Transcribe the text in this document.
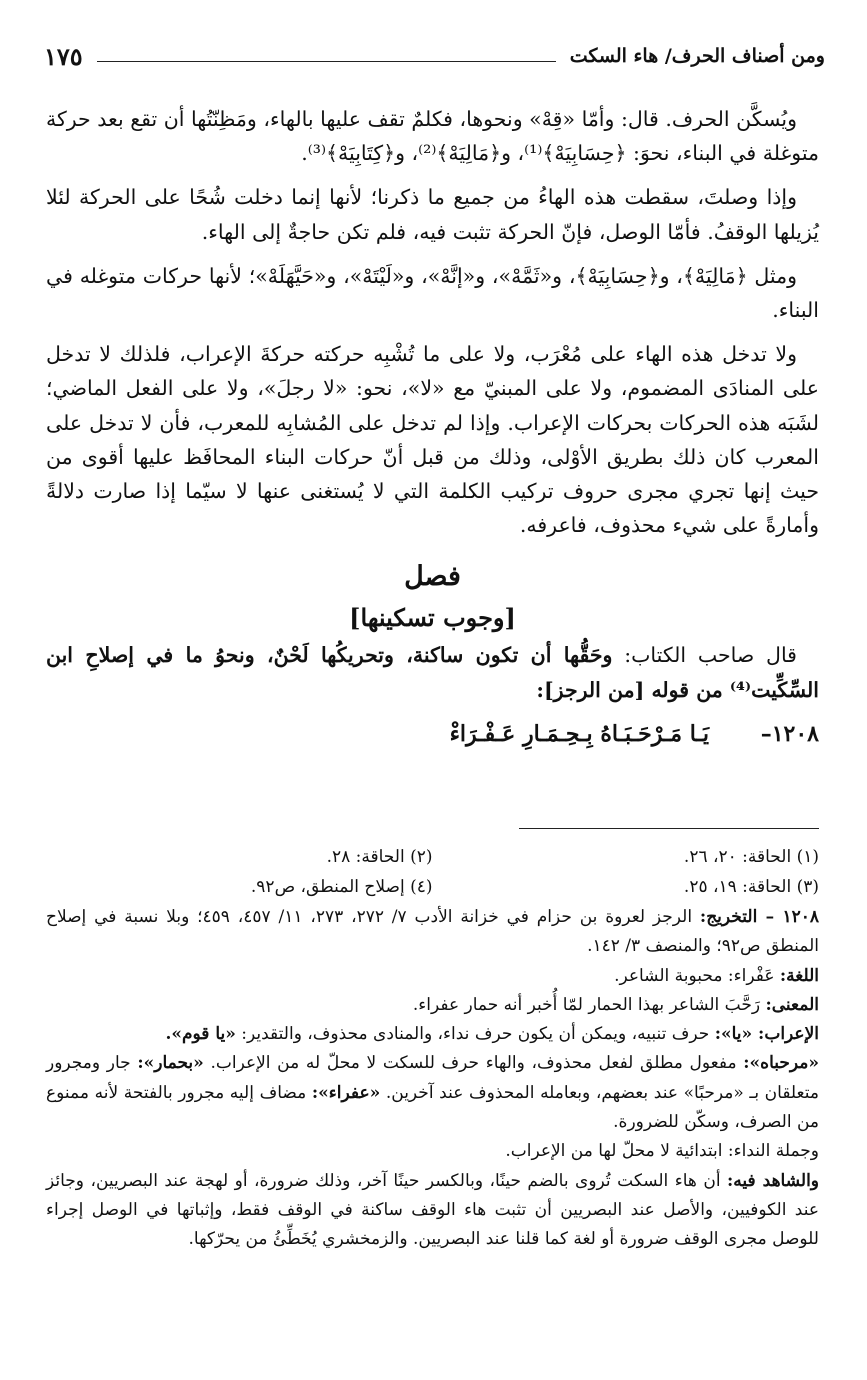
ومن أصناف الحرف/ هاء السكت
١٧٥

ويُسكَّن الحرف. قال: وأمّا «قِهْ» ونحوها، فكلمٌ تقف عليها بالهاء، ومَظِنّتُها أن تقع بعد حركة متوغلة في البناء، نحوَ: ﴿حِسَابِيَهْ﴾⁽¹⁾، و﴿مَالِيَهْ﴾⁽²⁾، و﴿كِتَابِيَهْ﴾⁽³⁾.

وإذا وصلتَ، سقطت هذه الهاءُ من جميع ما ذكرنا؛ لأنها إنما دخلت شُحًا على الحركة لئلا يُزيلها الوقفُ. فأمّا الوصل، فإنّ الحركة تثبت فيه، فلم تكن حاجةٌ إلى الهاء.

ومثل ﴿مَالِيَهْ﴾، و﴿حِسَابِيَهْ﴾، و«ثَمَّهْ»، و«إنَّهْ»، و«لَيْتَهْ»، و«حَيَّهَلَهْ»؛ لأنها حركات متوغله في البناء.

ولا تدخل هذه الهاء على مُعْرَب، ولا على ما تُشْبِه حركته حركةَ الإعراب، فلذلك لا تدخل على المنادَى المضموم، ولا على المبنيّ مع «لا»، نحو: «لا رجلَ»، ولا على الفعل الماضي؛ لشَبَه هذه الحركات بحركات الإعراب. وإذا لم تدخل على المُشابِه للمعرب، فأن لا تدخل على المعرب كان ذلك بطريق الأوْلى، وذلك من قبل أنّ حركات البناء المحافَظ عليها أقوى من حيث إنها تجري مجرى حروف تركيب الكلمة التي لا يُستغنى عنها لا سيّما إذا صارت دلالةً وأمارةً على شيء محذوف، فاعرفه.

فصل
[وجوب تسكينها]

قال صاحب الكتاب: وحَقُّها أن تكون ساكنة، وتحريكُها لَحْنٌ، ونحوُ ما في إصلاحِ ابن السِّكِّيت⁽⁴⁾ من قوله [من الرجز]:

١٢٠٨–
يَـا مَـرْحَـبَـاهُ بِـحِـمَـارِ عَـفْـرَاءْ
(١) الحاقة: ٢٠، ٢٦.
(٢) الحاقة: ٢٨.
(٣) الحاقة: ١٩، ٢٥.
(٤) إصلاح المنطق، ص٩٢.

١٢٠٨ – التخريج: الرجز لعروة بن حزام في خزانة الأدب ٧/ ٢٧٢، ٢٧٣، ١١/ ٤٥٧، ٤٥٩؛ وبلا نسبة في إصلاح المنطق ص٩٢؛ والمنصف ٣/ ١٤٢.

اللغة: عَفْراء: محبوبة الشاعر.

المعنى: رَحَّبَ الشاعر بهذا الحمار لمّا أُخبر أنه حمار عفراء.

الإعراب: «يا»: حرف تنبيه، ويمكن أن يكون حرف نداء، والمنادى محذوف، والتقدير: «يا قوم».

«مرحباه»: مفعول مطلق لفعل محذوف، والهاء حرف للسكت لا محلّ له من الإعراب. «بحمار»: جار ومجرور متعلقان بـ «مرحبًا» عند بعضهم، وبعامله المحذوف عند آخرين. «عفراء»: مضاف إليه مجرور بالفتحة لأنه ممنوع من الصرف، وسكّن للضرورة.

وجملة النداء: ابتدائية لا محلّ لها من الإعراب.

والشاهد فيه: أن هاء السكت تُروى بالضم حينًا، وبالكسر حينًا آخر، وذلك ضرورة، أو لهجة عند البصريين، وجائز عند الكوفيين، والأصل عند البصريين أن تثبت هاء الوقف ساكنة في الوقف فقط، وإثباتها في الوصل إجراء للوصل مجرى الوقف ضرورة أو لغة كما قلنا عند البصريين. والزمخشري يُخَطِّئُ من يحرّكها.
